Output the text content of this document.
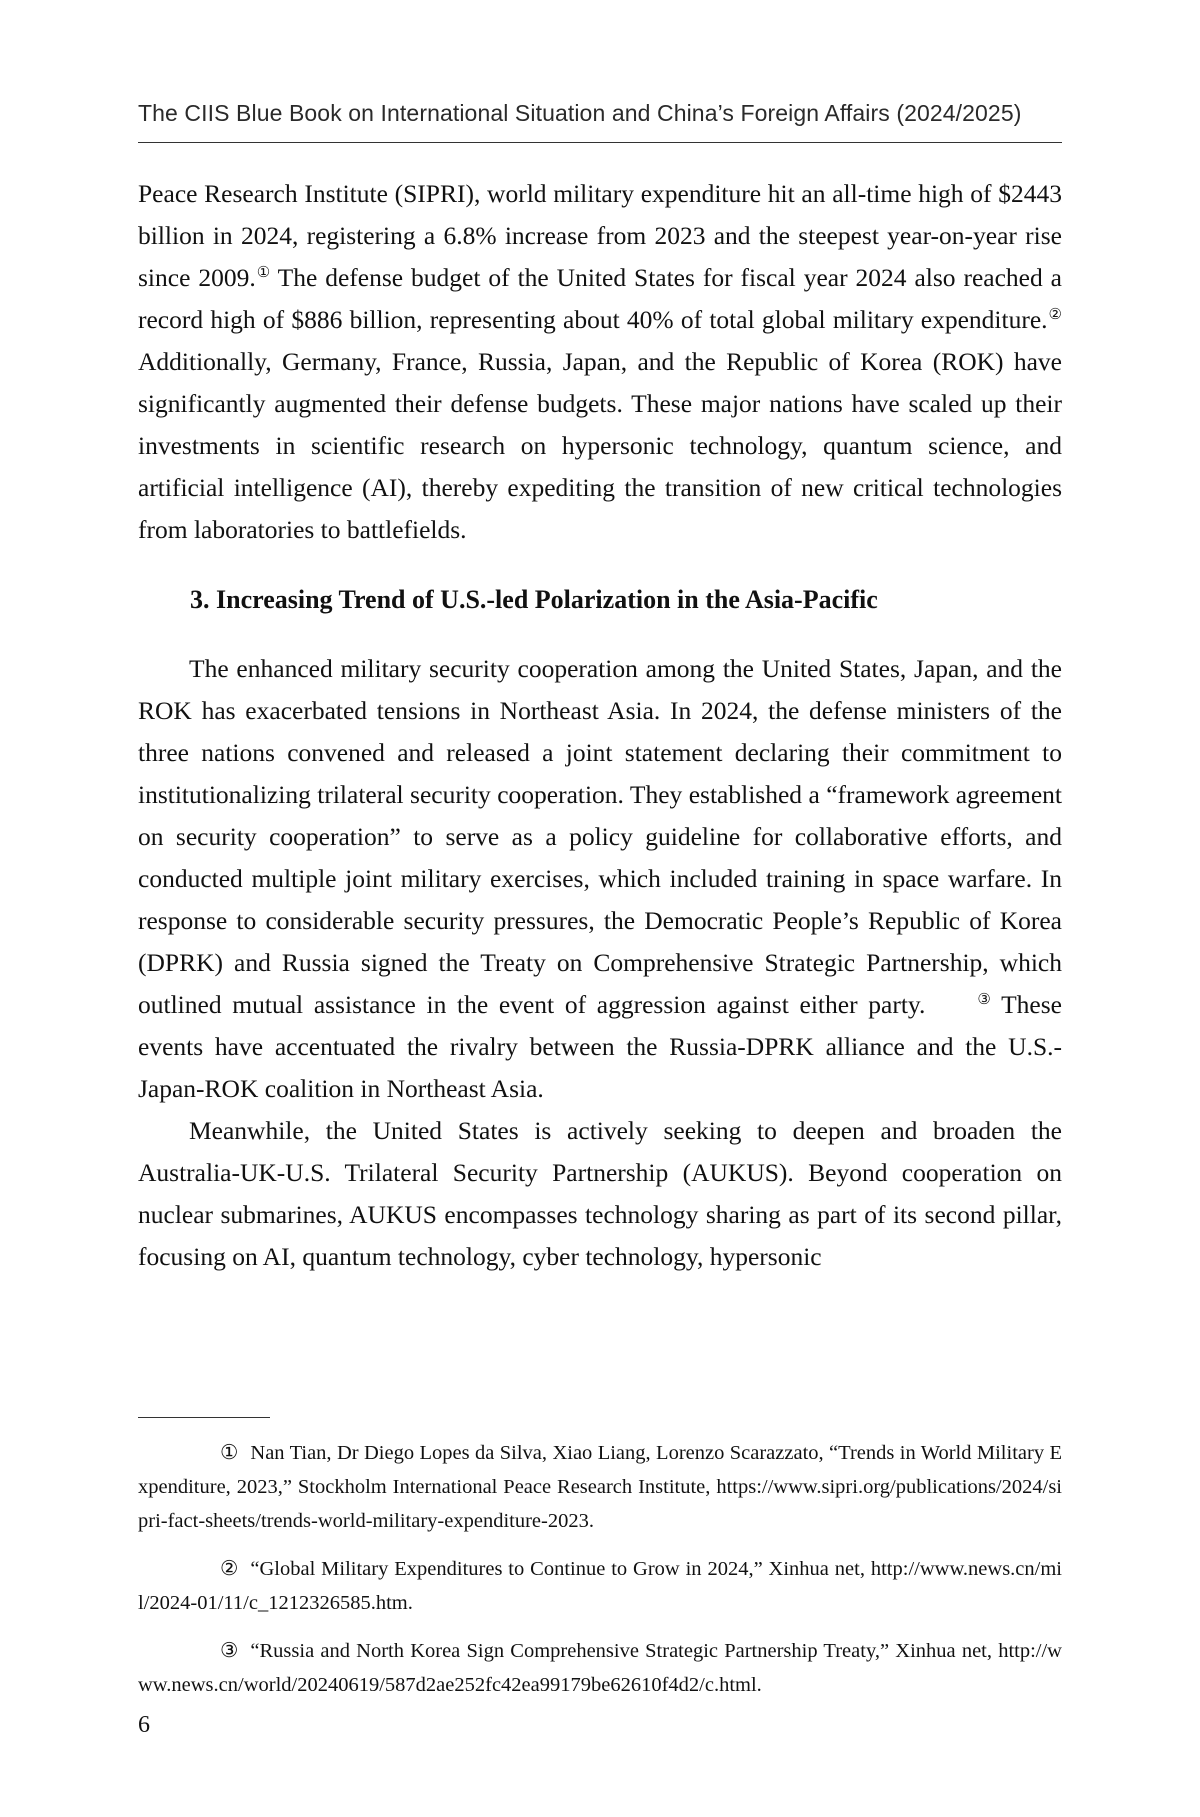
The CIIS Blue Book on International Situation and China’s Foreign Affairs (2024/2025)

Peace Research Institute (SIPRI), world military expenditure hit an all-time high of $2443 billion in 2024, registering a 6.8% increase from 2023 and the steepest year-on-year rise since 2009.① The defense budget of the United States for fiscal year 2024 also reached a record high of $886 billion, representing about 40% of total global military expenditure.② Additionally, Germany, France, Russia, Japan, and the Republic of Korea (ROK) have significantly augmented their defense budgets. These major nations have scaled up their investments in scientific research on hypersonic technology, quantum science, and artificial intelligence (AI), thereby expediting the transition of new critical technologies from laboratories to battlefields.

3. Increasing Trend of U.S.-led Polarization in the Asia-Pacific

The enhanced military security cooperation among the United States, Japan, and the ROK has exacerbated tensions in Northeast Asia. In 2024, the defense ministers of the three nations convened and released a joint statement declaring their commitment to institutionalizing trilateral security cooperation. They established a “framework agreement on security cooperation” to serve as a policy guideline for collaborative efforts, and conducted multiple joint military exercises, which included training in space warfare. In response to considerable security pressures, the Democratic People’s Republic of Korea (DPRK) and Russia signed the Treaty on Comprehensive Strategic Partnership, which outlined mutual assistance in the event of aggression against either party.	③ These events have accentuated the rivalry between the Russia-DPRK alliance and the U.S.-Japan-ROK coalition in Northeast Asia.

Meanwhile, the United States is actively seeking to deepen and broaden the Australia-UK-U.S. Trilateral Security Partnership (AUKUS). Beyond cooperation on nuclear submarines, AUKUS encompasses technology sharing as part of its second pillar, focusing on AI, quantum technology, cyber technology, hypersonic

① Nan Tian, Dr Diego Lopes da Silva, Xiao Liang, Lorenzo Scarazzato, “Trends in World Military Expenditure, 2023,” Stockholm International Peace Research Institute, https://www.sipri.org/publications/2024/sipri-fact-sheets/trends-world-military-expenditure-2023.

② “Global Military Expenditures to Continue to Grow in 2024,” Xinhua net, http://www.news.cn/mil/2024-01/11/c_1212326585.htm.

③ “Russia and North Korea Sign Comprehensive Strategic Partnership Treaty,” Xinhua net, http://www.news.cn/world/20240619/587d2ae252fc42ea99179be62610f4d2/c.html.

6
